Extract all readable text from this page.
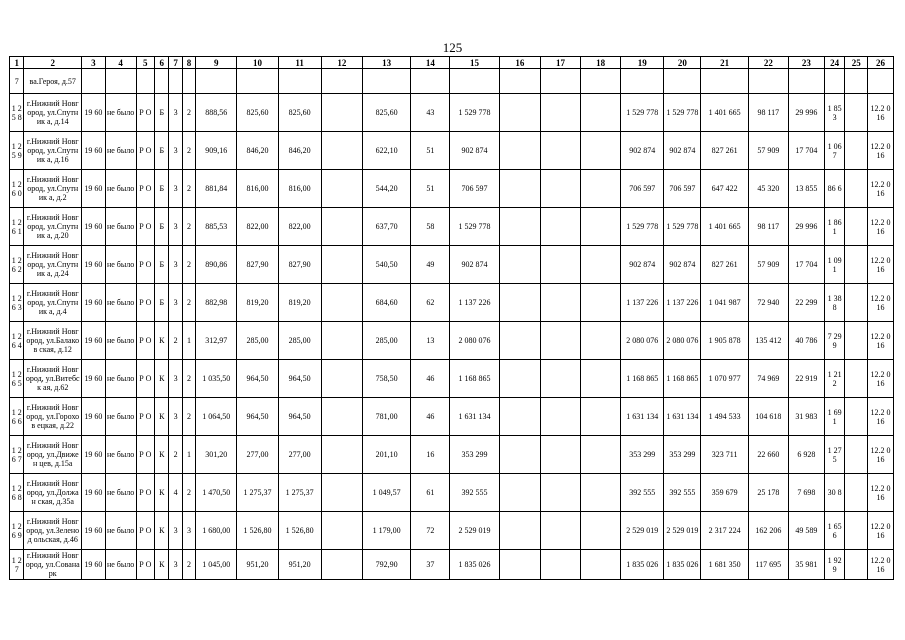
125
1	2	3	4	5	6	7	8	9	10	11	12	13	14	15	16	17	18	19	20	21	22	23	24	25	26
7	ва.Героя, д.57																								
1 2 5 8	г.Нижний Новгород, ул.Спутник а, д.14	19 60	не было	Р О	Б	3	2	888,56	825,60	825,60		825,60	43	1 529 778				1 529 778	1 529 778	1 401 665	98 117	29 996	1 85 3		12.2 016
1 2 5 9	г.Нижний Новгород, ул.Спутник а, д.16	19 60	не было	Р О	Б	3	2	909,16	846,20	846,20		622,10	51	902 874				902 874	902 874	827 261	57 909	17 704	1 06 7		12.2 016
1 2 6 0	г.Нижний Новгород, ул.Спутник а, д.2	19 60	не было	Р О	Б	3	2	881,84	816,00	816,00		544,20	51	706 597				706 597	706 597	647 422	45 320	13 855	86 6		12.2 016
1 2 6 1	г.Нижний Новгород, ул.Спутник а, д.20	19 60	не было	Р О	Б	3	2	885,53	822,00	822,00		637,70	58	1 529 778				1 529 778	1 529 778	1 401 665	98 117	29 996	1 86 1		12.2 016
1 2 6 2	г.Нижний Новгород, ул.Спутник а, д.24	19 60	не было	Р О	Б	3	2	890,86	827,90	827,90		540,50	49	902 874				902 874	902 874	827 261	57 909	17 704	1 09 1		12.2 016
1 2 6 3	г.Нижний Новгород, ул.Спутник а, д.4	19 60	не было	Р О	Б	3	2	882,98	819,20	819,20		684,60	62	1 137 226				1 137 226	1 137 226	1 041 987	72 940	22 299	1 38 8		12.2 016
1 2 6 4	г.Нижний Новгород, ул.Балаков ская, д.12	19 60	не было	Р О	К	2	1	312,97	285,00	285,00		285,00	13	2 080 076				2 080 076	2 080 076	1 905 878	135 412	40 786	7 29 9		12.2 016
1 2 6 5	г.Нижний Новгород, ул.Витебск ая, д.62	19 60	не было	Р О	К	3	2	1 035,50	964,50	964,50		758,50	46	1 168 865				1 168 865	1 168 865	1 070 977	74 969	22 919	1 21 2		12.2 016
1 2 6 6	г.Нижний Новгород, ул.Горохов ецкая, д.22	19 60	не было	Р О	К	3	2	1 064,50	964,50	964,50		781,00	46	1 631 134				1 631 134	1 631 134	1 494 533	104 618	31 983	1 69 1		12.2 016
1 2 6 7	г.Нижний Новгород, ул.Движен цев, д.15а	19 60	не было	Р О	К	2	1	301,20	277,00	277,00		201,10	16	353 299				353 299	353 299	323 711	22 660	6 928	1 27 5		12.2 016
1 2 6 8	г.Нижний Новгород, ул.Должан ская, д.35а	19 60	не было	Р О	К	4	2	1 470,50	1 275,37	1 275,37		1 049,57	61	392 555				392 555	392 555	359 679	25 178	7 698	30 8		12.2 016
1 2 6 9	г.Нижний Новгород, ул.Зеленод ольская, д.46	19 60	не было	Р О	К	3	3	1 680,00	1 526,80	1 526,80		1 179,00	72	2 529 019				2 529 019	2 529 019	2 317 224	162 206	49 589	1 65 6		12.2 016
1 2 7	г.Нижний Новгород, ул.Сованарк	19 60	не было	Р О	К	3	2	1 045,00	951,20	951,20		792,90	37	1 835 026				1 835 026	1 835 026	1 681 350	117 695	35 981	1 92 9		12.2 016
